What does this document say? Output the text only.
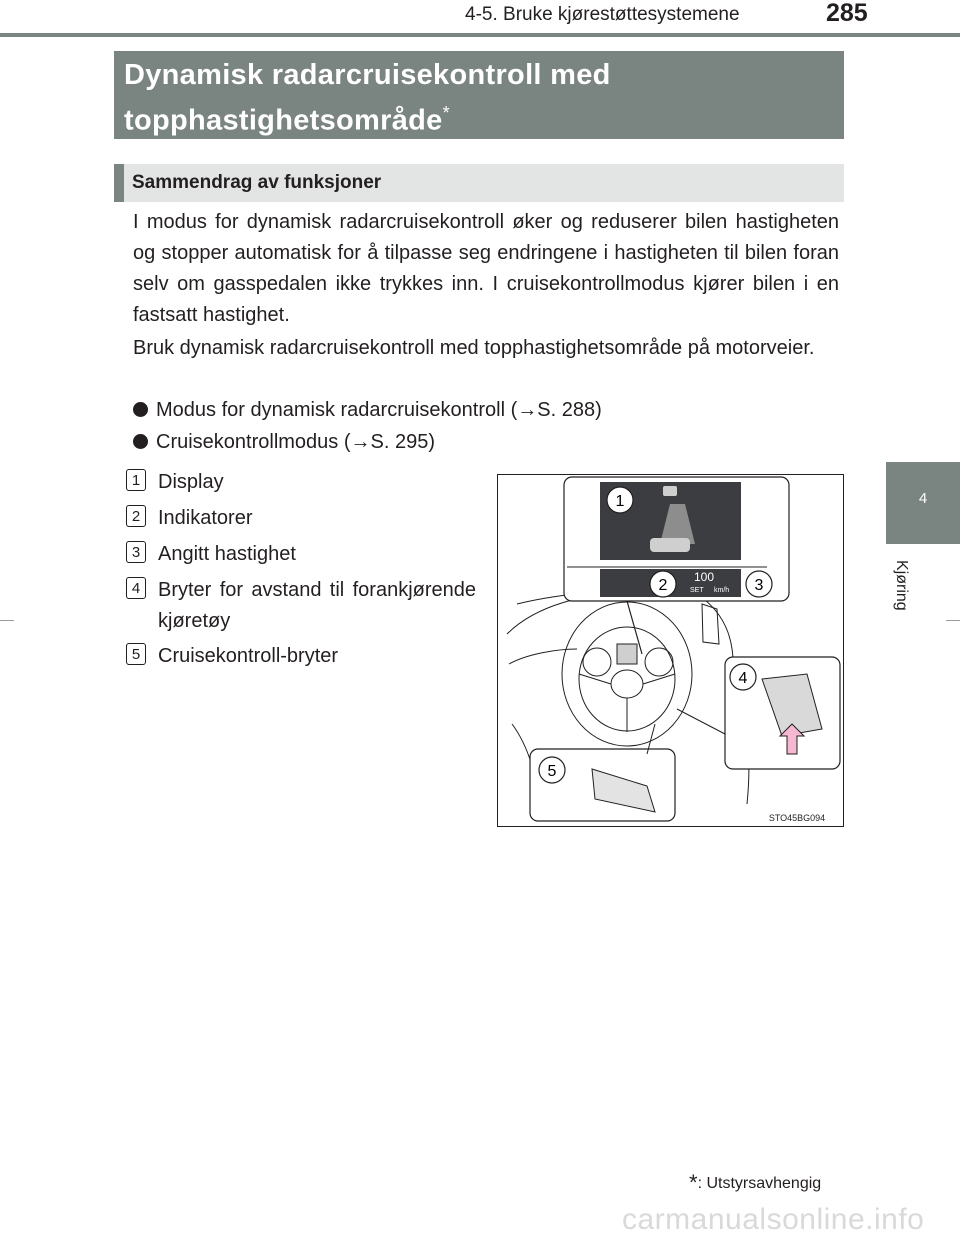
4-5. Bruke kjørestøttesystemene	285
4
Kjøring
Dynamisk radarcruisekontroll med
topphastighetsområde*
Sammendrag av funksjoner
I modus for dynamisk radarcruisekontroll øker og reduserer bilen hastigheten og stopper automatisk for å tilpasse seg endringene i hastigheten til bilen foran selv om gasspedalen ikke trykkes inn. I cruisekontrollmodus kjører bilen i en fastsatt hastighet.
Bruk dynamisk radarcruisekontroll med topphastighetsområde på motorveier.
Modus for dynamisk radarcruisekontroll (→S. 288)
Cruisekontrollmodus (→S. 295)
1 Display
2 Indikatorer
3 Angitt hastighet
4 Bryter for avstand til forankjørende kjøretøy
5 Cruisekontroll-bryter
100
km/h
SET
1
2	3
4
5
STO45BG094
*: Utstyrsavhengig
carmanualsonline.info
